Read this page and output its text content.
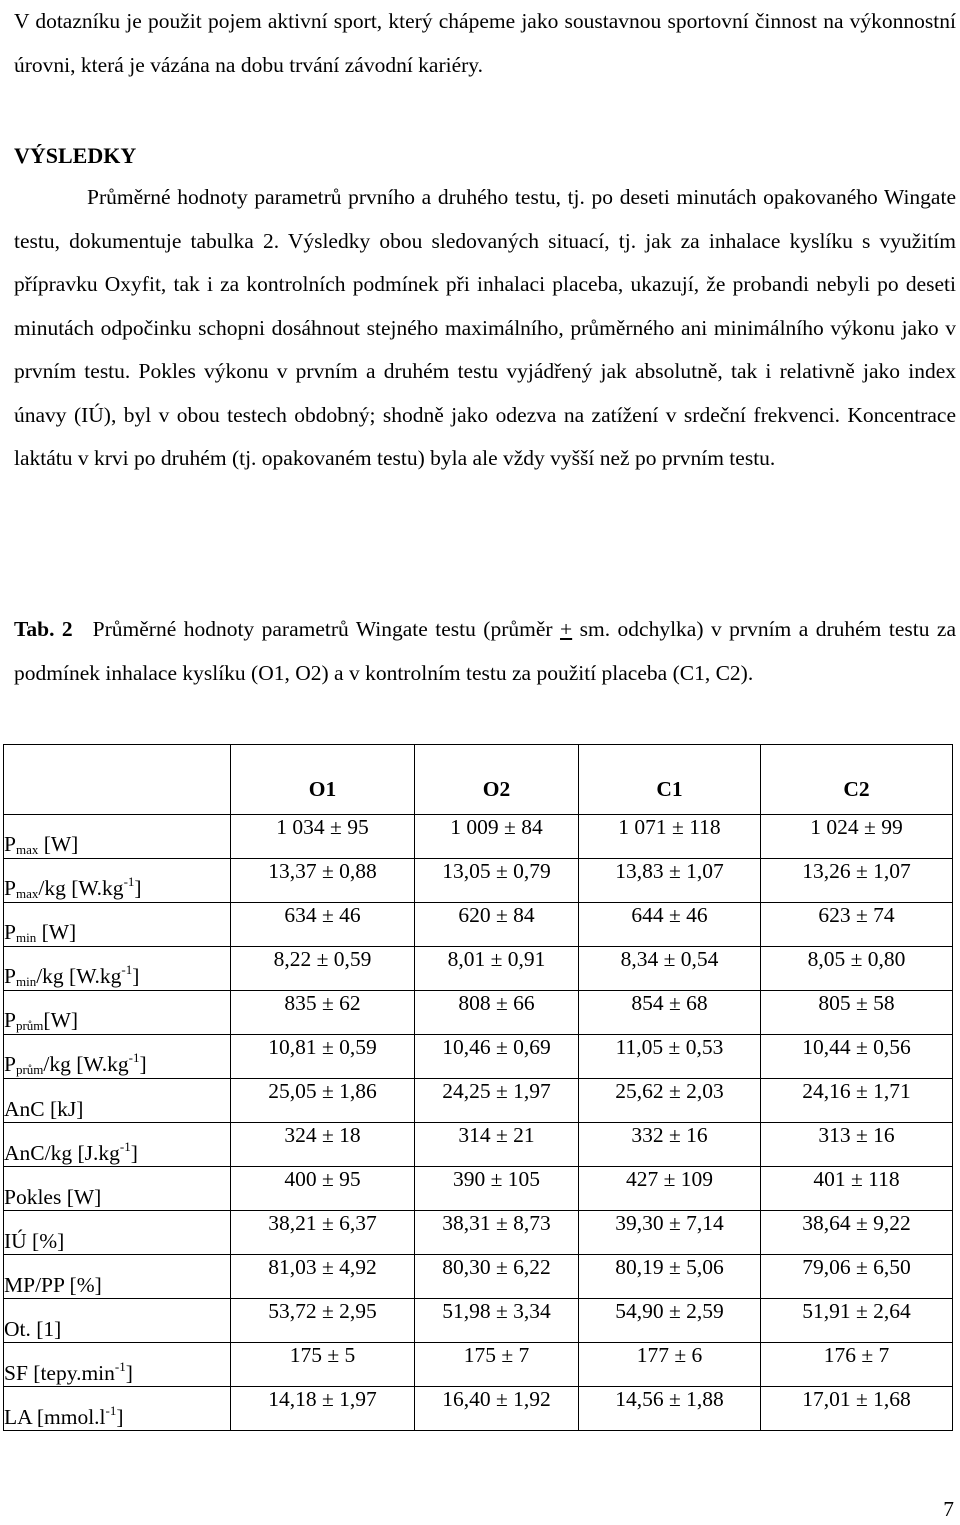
V dotazníku je použit pojem aktivní sport, který chápeme jako soustavnou sportovní činnost na výkonnostní úrovni, která je vázána na dobu trvání závodní kariéry.

VÝSLEDKY

Průměrné hodnoty parametrů prvního a druhého testu, tj. po deseti minutách opakovaného Wingate testu, dokumentuje tabulka 2. Výsledky obou sledovaných situací, tj. jak za inhalace kyslíku s využitím přípravku Oxyfit, tak i za kontrolních podmínek při inhalaci placeba, ukazují, že probandi nebyli po deseti minutách odpočinku schopni dosáhnout stejného maximálního, průměrného ani minimálního výkonu jako v prvním testu. Pokles výkonu v prvním a druhém testu vyjádřený jak absolutně, tak i relativně jako index únavy (IÚ), byl v obou testech obdobný; shodně jako odezva na zatížení v srdeční frekvenci. Koncentrace laktátu v krvi po druhém (tj. opakovaném testu) byla ale vždy vyšší než po prvním testu.

Tab. 2 Průměrné hodnoty parametrů Wingate testu (průměr + sm. odchylka) v prvním a druhém testu za podmínek inhalace kyslíku (O1, O2) a v kontrolním testu za použití placeba (C1, C2).

	O1	O2	C1	C2
$P_{max}$ [W]	1 034 ± 95	1 009 ± 84	1 071 ± 118	1 024 ± 99
$P_{max}/kg$ $[W.kg^{-1}]$	13,37 ± 0,88	13,05 ± 0,79	13,83 ± 1,07	13,26 ± 1,07
$P_{min}$ [W]	634 ± 46	620 ± 84	644 ± 46	623 ± 74
$P_{min}/kg$ $[W.kg^{-1}]$	8,22 ± 0,59	8,01 ± 0,91	8,34 ± 0,54	8,05 ± 0,80
$P_{prům}[W]$	835 ± 62	808 ± 66	854 ± 68	805 ± 58
$P_{prům}/kg$ $[W.kg^{-1}]$	10,81 ± 0,59	10,46 ± 0,69	11,05 ± 0,53	10,44 ± 0,56
AnC [kJ]	25,05 ± 1,86	24,25 ± 1,97	25,62 ± 2,03	24,16 ± 1,71
AnC/kg $[J.kg^{-1}]$	324 ± 18	314 ± 21	332 ± 16	313 ± 16
Pokles [W]	400 ± 95	390 ± 105	427 ± 109	401 ± 118
IÚ [%]	38,21 ± 6,37	38,31 ± 8,73	39,30 ± 7,14	38,64 ± 9,22
MP/PP [%]	81,03 ± 4,92	80,30 ± 6,22	80,19 ± 5,06	79,06 ± 6,50
Ot. [1]	53,72 ± 2,95	51,98 ± 3,34	54,90 ± 2,59	51,91 ± 2,64
SF $[tepy.\min^{-1}]$	175 ± 5	175 ± 7	177 ± 6	176 ± 7
LA $[mmol.l^{-1}]$	14,18 ± 1,97	16,40 ± 1,92	14,56 ± 1,88	17,01 ± 1,68

7
